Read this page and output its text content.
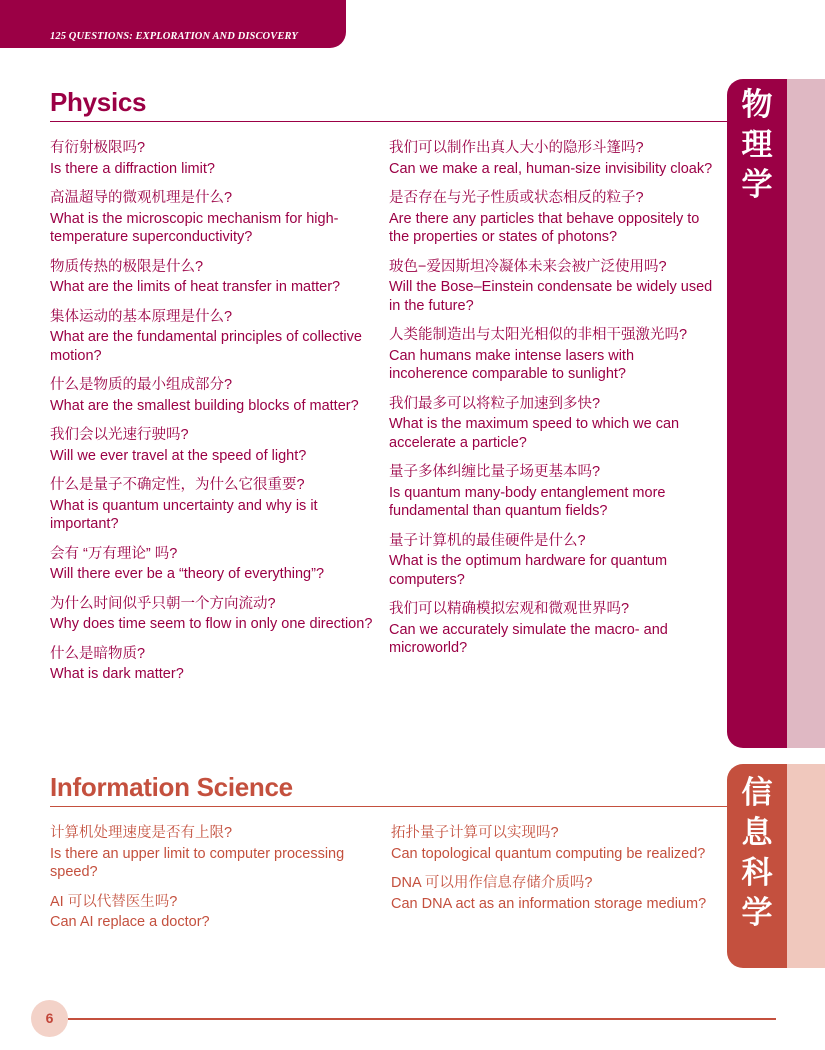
125 QUESTIONS: EXPLORATION AND DISCOVERY
Physics

有衍射极限吗?
Is there a diffraction limit?

高温超导的微观机理是什么?
What is the microscopic mechanism for high-temperature superconductivity?

物质传热的极限是什么?
What are the limits of heat transfer in matter?

集体运动的基本原理是什么?
What are the fundamental principles of collective motion?

什么是物质的最小组成部分?
What are the smallest building blocks of matter?

我们会以光速行驶吗?
Will we ever travel at the speed of light?

什么是量子不确定性，为什么它很重要?
What is quantum uncertainty and why is it important?

会有 “万有理论” 吗?
Will there ever be a “theory of everything”?

为什么时间似乎只朝一个方向流动?
Why does time seem to flow in only one direction?

什么是暗物质?
What is dark matter?

我们可以制作出真人大小的隐形斗篷吗?
Can we make a real, human-size invisibility cloak?

是否存在与光子性质或状态相反的粒子?
Are there any particles that behave oppositely to the properties or states of photons?

玻色−爱因斯坦冷凝体未来会被广泛使用吗?
Will the Bose–Einstein condensate be widely used in the future?

人类能制造出与太阳光相似的非相干强激光吗?
Can humans make intense lasers with incoherence comparable to sunlight?

我们最多可以将粒子加速到多快?
What is the maximum speed to which we can accelerate a particle?

量子多体纠缠比量子场更基本吗?
Is quantum many-body entanglement more fundamental than quantum fields?

量子计算机的最佳硬件是什么?
What is the optimum hardware for quantum computers?

我们可以精确模拟宏观和微观世界吗?
Can we accurately simulate the macro- and microworld?

物
理
学
Information Science

计算机处理速度是否有上限?
Is there an upper limit to computer processing speed?

AI 可以代替医生吗?
Can AI replace a doctor?

拓扑量子计算可以实现吗?
Can topological quantum computing be realized?

DNA 可以用作信息存储介质吗?
Can DNA act as an information storage medium?

信
息
科
学
6
